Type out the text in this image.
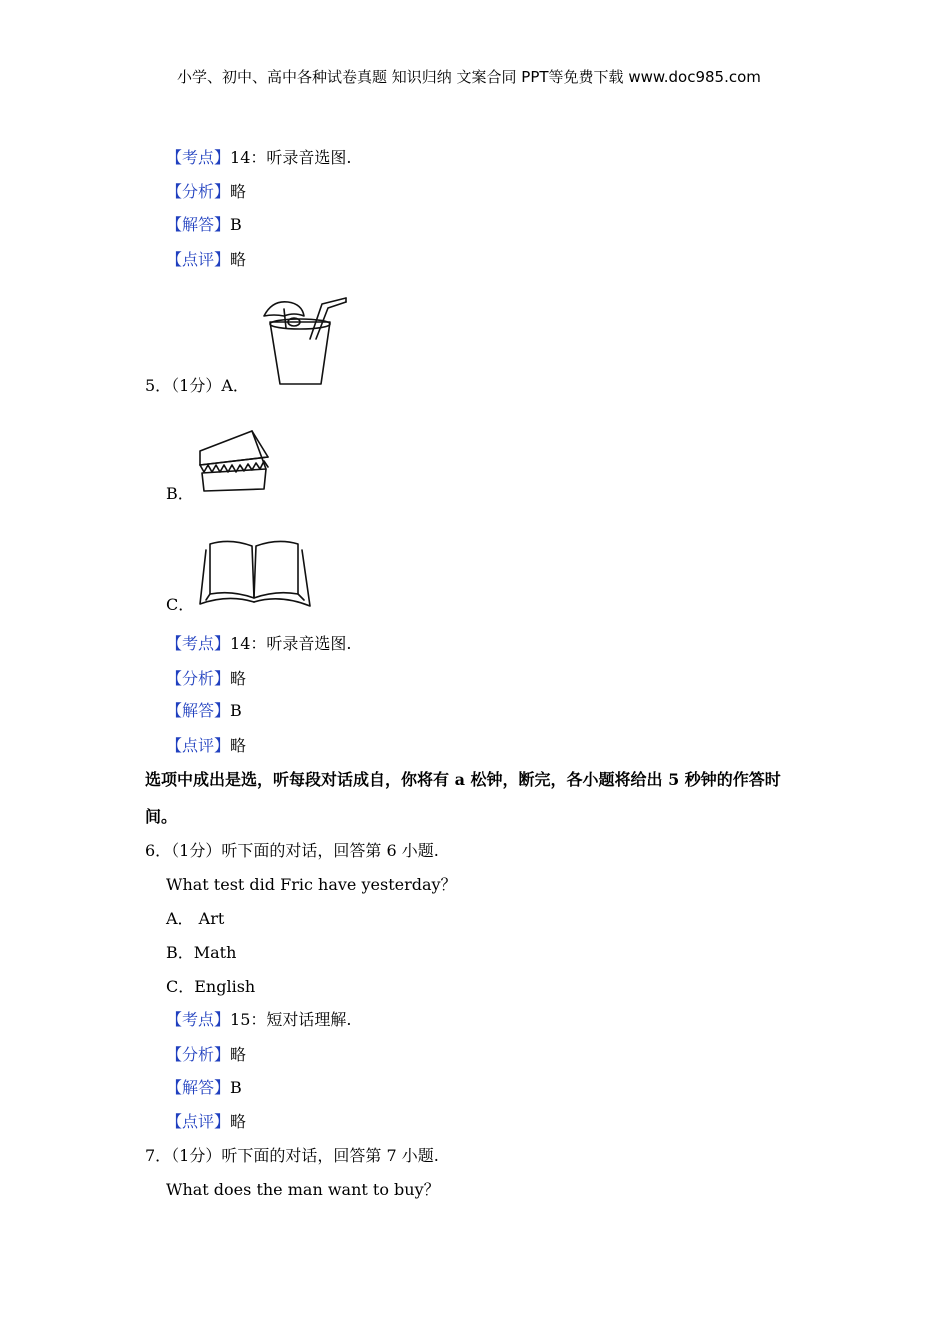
小学、初中、高中各种试卷真题 知识归纳 文案合同 PPT等免费下载 www.doc985.com
【考点】14：听录音选图.
【分析】略
【解答】B
【点评】略
5．（1分）A．
B．
C．
【考点】14：听录音选图.
【分析】略
【解答】B
【点评】略
选项中成出是选，听每段对话成自，你将有 a 松钟，断完，各小题将给出 5 秒钟的作答时
间。
6．（1分）听下面的对话，回答第 6 小题.
What test did Fric have yesterday？
A． Art
B．Math
C．English
【考点】15：短对话理解.
【分析】略
【解答】B
【点评】略
7．（1分）听下面的对话，回答第 7 小题.
What does the man want to buy？
